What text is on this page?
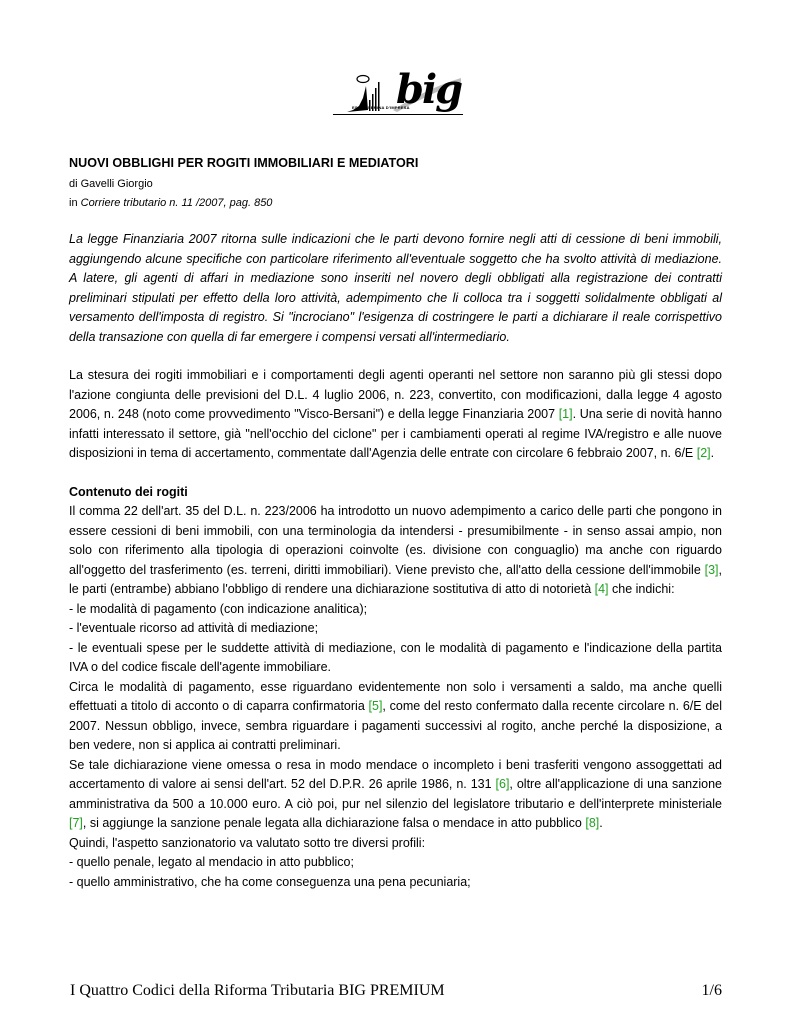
big
ESSER SEMINA D'IMPRESA

NUOVI OBBLIGHI PER ROGITI IMMOBILIARI E MEDIATORI

di Gavelli Giorgio

in Corriere tributario n. 11 /2007, pag. 850

La legge Finanziaria 2007 ritorna sulle indicazioni che le parti devono fornire negli atti di cessione di beni immobili, aggiungendo alcune specifiche con particolare riferimento all'eventuale soggetto che ha svolto attività di mediazione. A latere, gli agenti di affari in mediazione sono inseriti nel novero degli obbligati alla registrazione dei contratti preliminari stipulati per effetto della loro attività, adempimento che li colloca tra i soggetti solidalmente obbligati al versamento dell'imposta di registro. Si "incrociano" l'esigenza di costringere le parti a dichiarare il reale corrispettivo della transazione con quella di far emergere i compensi versati all'intermediario.

La stesura dei rogiti immobiliari e i comportamenti degli agenti operanti nel settore non saranno più gli stessi dopo l'azione congiunta delle previsioni del D.L. 4 luglio 2006, n. 223, convertito, con modificazioni, dalla legge 4 agosto 2006, n. 248 (noto come provvedimento "Visco-Bersani") e della legge Finanziaria 2007 [1]. Una serie di novità hanno infatti interessato il settore, già "nell'occhio del ciclone" per i cambiamenti operati al regime IVA/registro e alle nuove disposizioni in tema di accertamento, commentate dall'Agenzia delle entrate con circolare 6 febbraio 2007, n. 6/E [2].

Contenuto dei rogiti

Il comma 22 dell'art. 35 del D.L. n. 223/2006 ha introdotto un nuovo adempimento a carico delle parti che pongono in essere cessioni di beni immobili, con una terminologia da intendersi - presumibilmente - in senso assai ampio, non solo con riferimento alla tipologia di operazioni coinvolte (es. divisione con conguaglio) ma anche con riguardo all'oggetto del trasferimento (es. terreni, diritti immobiliari). Viene previsto che, all'atto della cessione dell'immobile [3], le parti (entrambe) abbiano l'obbligo di rendere una dichiarazione sostitutiva di atto di notorietà [4] che indichi:

- le modalità di pagamento (con indicazione analitica);

- l'eventuale ricorso ad attività di mediazione;

- le eventuali spese per le suddette attività di mediazione, con le modalità di pagamento e l'indicazione della partita IVA o del codice fiscale dell'agente immobiliare.

Circa le modalità di pagamento, esse riguardano evidentemente non solo i versamenti a saldo, ma anche quelli effettuati a titolo di acconto o di caparra confirmatoria [5], come del resto confermato dalla recente circolare n. 6/E del 2007. Nessun obbligo, invece, sembra riguardare i pagamenti successivi al rogito, anche perché la disposizione, a ben vedere, non si applica ai contratti preliminari.

Se tale dichiarazione viene omessa o resa in modo mendace o incompleto i beni trasferiti vengono assoggettati ad accertamento di valore ai sensi dell'art. 52 del D.P.R. 26 aprile 1986, n. 131 [6], oltre all'applicazione di una sanzione amministrativa da 500 a 10.000 euro. A ciò poi, pur nel silenzio del legislatore tributario e dell'interprete ministeriale [7], si aggiunge la sanzione penale legata alla dichiarazione falsa o mendace in atto pubblico [8].

Quindi, l'aspetto sanzionatorio va valutato sotto tre diversi profili:

- quello penale, legato al mendacio in atto pubblico;

- quello amministrativo, che ha come conseguenza una pena pecuniaria;

I Quattro Codici della Riforma Tributaria BIG PREMIUM	1/6
